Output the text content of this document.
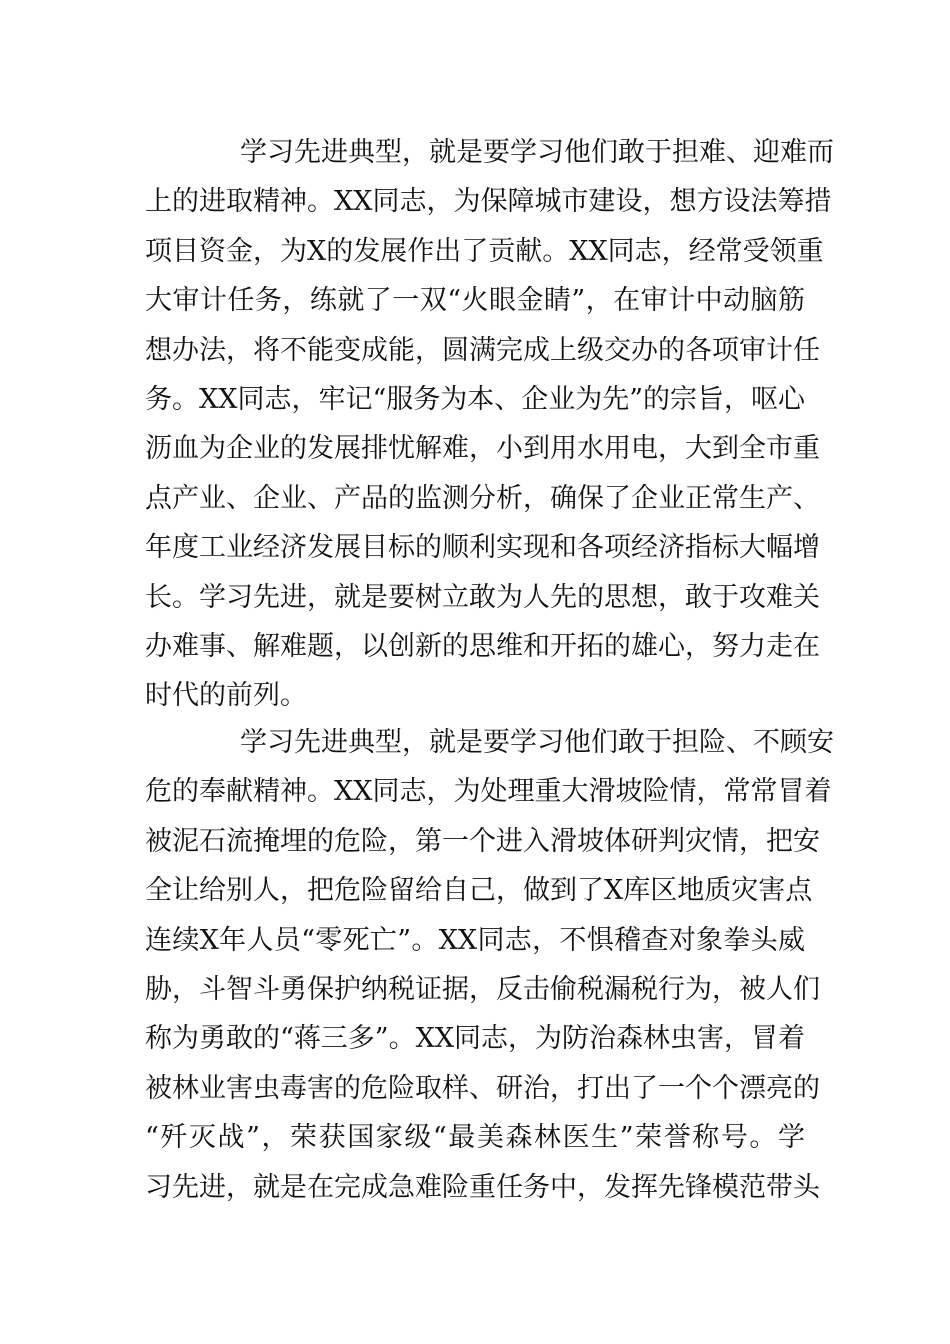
学习先进典型，就是要学习他们敢于担难、迎难而
上的进取精神。XX同志，为保障城市建设，想方设法筹措
项目资金，为X的发展作出了贡献。XX同志，经常受领重
大审计任务，练就了一双“火眼金睛”，在审计中动脑筋
想办法，将不能变成能，圆满完成上级交办的各项审计任
务。XX同志，牢记“服务为本、企业为先”的宗旨，呕心
沥血为企业的发展排忧解难，小到用水用电，大到全市重
点产业、企业、产品的监测分析，确保了企业正常生产、
年度工业经济发展目标的顺利实现和各项经济指标大幅增
长。学习先进，就是要树立敢为人先的思想，敢于攻难关
办难事、解难题，以创新的思维和开拓的雄心，努力走在
时代的前列。
学习先进典型，就是要学习他们敢于担险、不顾安
危的奉献精神。XX同志，为处理重大滑坡险情，常常冒着
被泥石流掩埋的危险，第一个进入滑坡体研判灾情，把安
全让给别人，把危险留给自己，做到了X库区地质灾害点
连续X年人员“零死亡”。XX同志，不惧稽查对象拳头威
胁，斗智斗勇保护纳税证据，反击偷税漏税行为，被人们
称为勇敢的“蒋三多”。XX同志，为防治森林虫害，冒着
被林业害虫毒害的危险取样、研治，打出了一个个漂亮的
“歼灭战”，荣获国家级“最美森林医生”荣誉称号。学
习先进，就是在完成急难险重任务中，发挥先锋模范带头
